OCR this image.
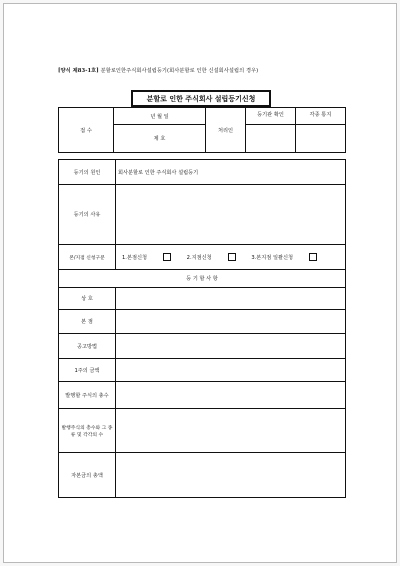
[양식 제83-1호] 분할로인한주식회사설립등기(회사분할로 인한 신설회사설립의 경우)
분할로 인한 주식회사 설립등기신청
접 수	년 월 일	처리인	등기관 확인	각종 통지
	제 호			
등기의 원인	회사분할로 인한 주식회사 설립등기
등기의 사유	
본/지점 신청구분	1.본점신청 2.지점신청 3.본지점 일괄신청
등 기 할 사 항	
상 호	
본 점	
공고방법	
1주의 금액	
발행할 주식의 총수	
발행주식의 총수와 그 종류 및 각각의 수	
자본금의 총액	
